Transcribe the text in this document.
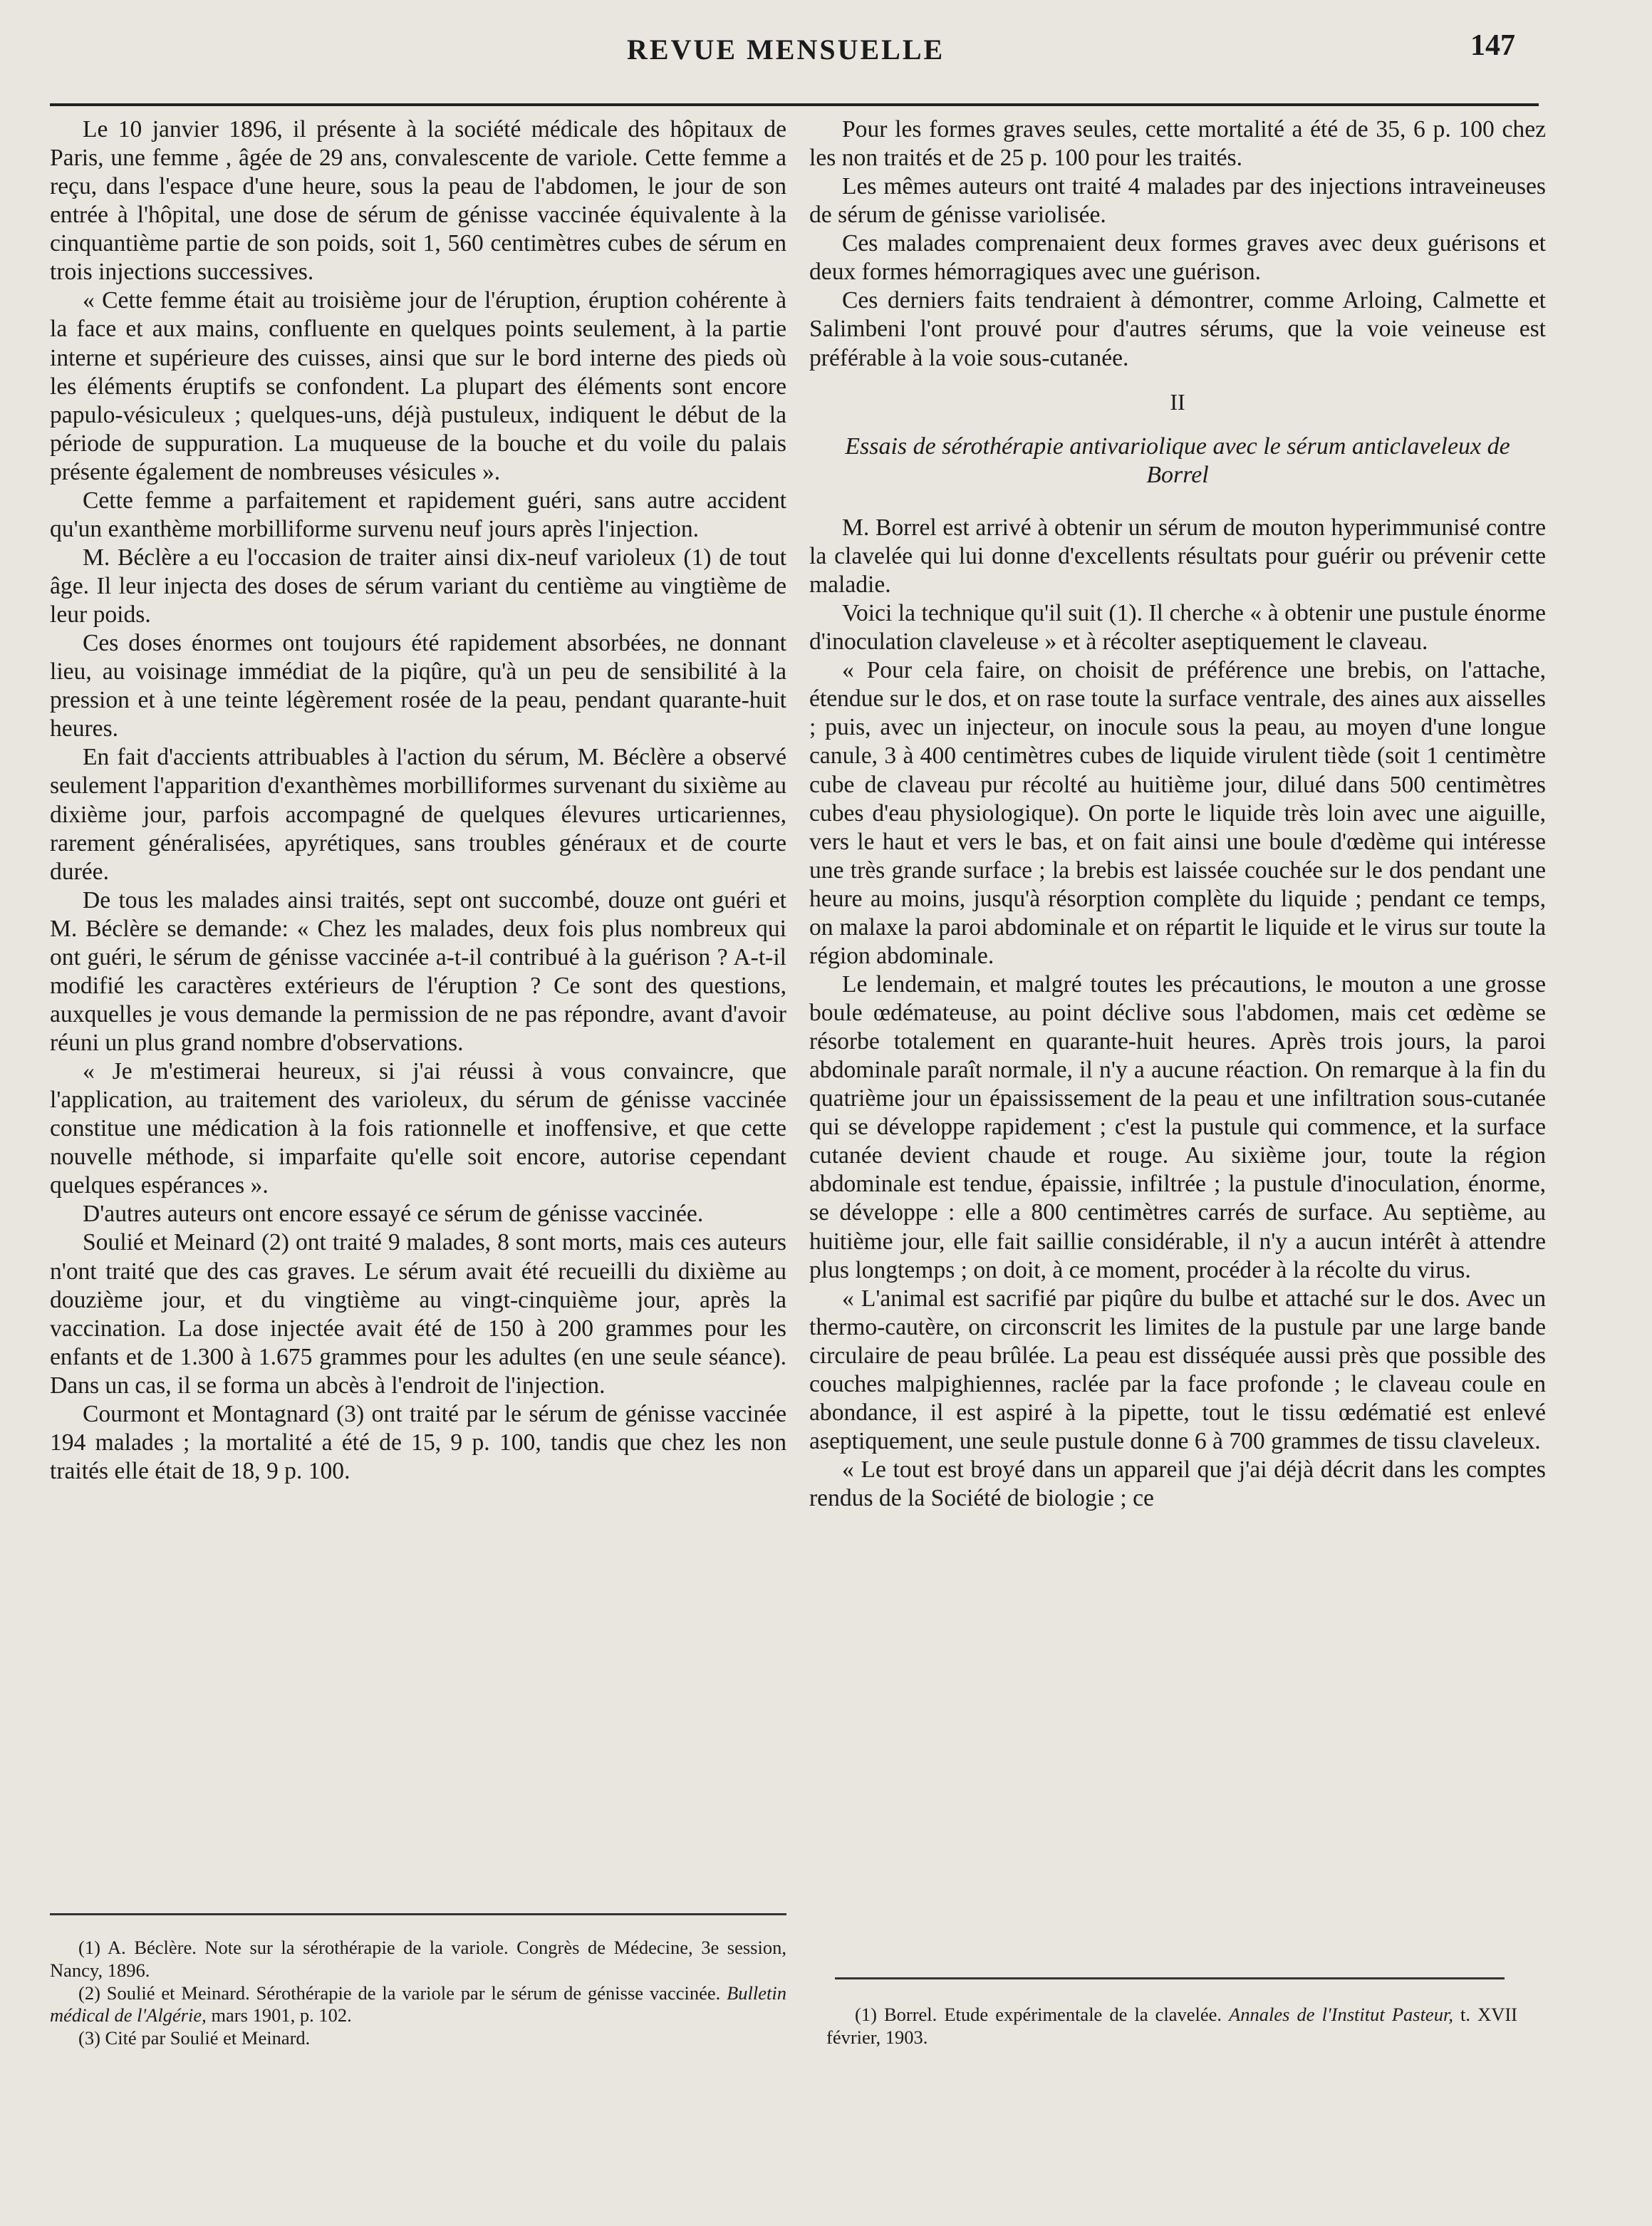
REVUE MENSUELLE	147

Le 10 janvier 1896, il présente à la société médicale des hôpitaux de Paris, une femme , âgée de 29 ans, convalescente de variole. Cette femme a reçu, dans l'espace d'une heure, sous la peau de l'abdomen, le jour de son entrée à l'hôpital, une dose de sérum de génisse vaccinée équivalente à la cinquantième partie de son poids, soit 1, 560 centimètres cubes de sérum en trois injections successives.

« Cette femme était au troisième jour de l'éruption, éruption cohérente à la face et aux mains, confluente en quelques points seulement, à la partie interne et supérieure des cuisses, ainsi que sur le bord interne des pieds où les éléments éruptifs se confondent. La plupart des éléments sont encore papulo-vésiculeux ; quelques-uns, déjà pustuleux, indiquent le début de la période de suppuration. La muqueuse de la bouche et du voile du palais présente également de nombreuses vésicules ».

Cette femme a parfaitement et rapidement guéri, sans autre accident qu'un exanthème morbilliforme survenu neuf jours après l'injection.

M. Béclère a eu l'occasion de traiter ainsi dix-neuf varioleux (1) de tout âge. Il leur injecta des doses de sérum variant du centième au vingtième de leur poids.

Ces doses énormes ont toujours été rapidement absorbées, ne donnant lieu, au voisinage immédiat de la piqûre, qu'à un peu de sensibilité à la pression et à une teinte légèrement rosée de la peau, pendant quarante-huit heures.

En fait d'accients attribuables à l'action du sérum, M. Béclère a observé seulement l'apparition d'exanthèmes morbilliformes survenant du sixième au dixième jour, parfois accompagné de quelques élevures urticariennes, rarement généralisées, apyrétiques, sans troubles généraux et de courte durée.

De tous les malades ainsi traités, sept ont succombé, douze ont guéri et M. Béclère se demande: « Chez les malades, deux fois plus nombreux qui ont guéri, le sérum de génisse vaccinée a-t-il contribué à la guérison ? A-t-il modifié les caractères extérieurs de l'éruption ? Ce sont des questions, auxquelles je vous demande la permission de ne pas répondre, avant d'avoir réuni un plus grand nombre d'observations.

« Je m'estimerai heureux, si j'ai réussi à vous convaincre, que l'application, au traitement des varioleux, du sérum de génisse vaccinée constitue une médication à la fois rationnelle et inoffensive, et que cette nouvelle méthode, si imparfaite qu'elle soit encore, autorise cependant quelques espérances ».

D'autres auteurs ont encore essayé ce sérum de génisse vaccinée.

Soulié et Meinard (2) ont traité 9 malades, 8 sont morts, mais ces auteurs n'ont traité que des cas graves. Le sérum avait été recueilli du dixième au douzième jour, et du vingtième au vingt-cinquième jour, après la vaccination. La dose injectée avait été de 150 à 200 grammes pour les enfants et de 1.300 à 1.675 grammes pour les adultes (en une seule séance). Dans un cas, il se forma un abcès à l'endroit de l'injection.

Courmont et Montagnard (3) ont traité par le sérum de génisse vaccinée 194 malades ; la mortalité a été de 15, 9 p. 100, tandis que chez les non traités elle était de 18, 9 p. 100.

(1) A. Béclère. Note sur la sérothérapie de la variole. Congrès de Médecine, 3e session, Nancy, 1896.

(2) Soulié et Meinard. Sérothérapie de la variole par le sérum de génisse vaccinée. Bulletin médical de l'Algérie, mars 1901, p. 102.

(3) Cité par Soulié et Meinard.

Pour les formes graves seules, cette mortalité a été de 35, 6 p. 100 chez les non traités et de 25 p. 100 pour les traités.

Les mêmes auteurs ont traité 4 malades par des injections intraveineuses de sérum de génisse variolisée.

Ces malades comprenaient deux formes graves avec deux guérisons et deux formes hémorragiques avec une guérison.

Ces derniers faits tendraient à démontrer, comme Arloing, Calmette et Salimbeni l'ont prouvé pour d'autres sérums, que la voie veineuse est préférable à la voie sous-cutanée.

II
Essais de sérothérapie antivariolique avec le sérum anticlaveleux de Borrel

M. Borrel est arrivé à obtenir un sérum de mouton hyperimmunisé contre la clavelée qui lui donne d'excellents résultats pour guérir ou prévenir cette maladie.

Voici la technique qu'il suit (1). Il cherche « à obtenir une pustule énorme d'inoculation claveleuse » et à récolter aseptiquement le claveau.

« Pour cela faire, on choisit de préférence une brebis, on l'attache, étendue sur le dos, et on rase toute la surface ventrale, des aines aux aisselles ; puis, avec un injecteur, on inocule sous la peau, au moyen d'une longue canule, 3 à 400 centimètres cubes de liquide virulent tiède (soit 1 centimètre cube de claveau pur récolté au huitième jour, dilué dans 500 centimètres cubes d'eau physiologique). On porte le liquide très loin avec une aiguille, vers le haut et vers le bas, et on fait ainsi une boule d'œdème qui intéresse une très grande surface ; la brebis est laissée couchée sur le dos pendant une heure au moins, jusqu'à résorption complète du liquide ; pendant ce temps, on malaxe la paroi abdominale et on répartit le liquide et le virus sur toute la région abdominale.

Le lendemain, et malgré toutes les précautions, le mouton a une grosse boule œdémateuse, au point déclive sous l'abdomen, mais cet œdème se résorbe totalement en quarante-huit heures. Après trois jours, la paroi abdominale paraît normale, il n'y a aucune réaction. On remarque à la fin du quatrième jour un épaississement de la peau et une infiltration sous-cutanée qui se développe rapidement ; c'est la pustule qui commence, et la surface cutanée devient chaude et rouge. Au sixième jour, toute la région abdominale est tendue, épaissie, infiltrée ; la pustule d'inoculation, énorme, se développe : elle a 800 centimètres carrés de surface. Au septième, au huitième jour, elle fait saillie considérable, il n'y a aucun intérêt à attendre plus longtemps ; on doit, à ce moment, procéder à la récolte du virus.

« L'animal est sacrifié par piqûre du bulbe et attaché sur le dos. Avec un thermo-cautère, on circonscrit les limites de la pustule par une large bande circulaire de peau brûlée. La peau est disséquée aussi près que possible des couches malpighiennes, raclée par la face profonde ; le claveau coule en abondance, il est aspiré à la pipette, tout le tissu œdématié est enlevé aseptiquement, une seule pustule donne 6 à 700 grammes de tissu claveleux.

« Le tout est broyé dans un appareil que j'ai déjà décrit dans les comptes rendus de la Société de biologie ; ce

(1) Borrel. Etude expérimentale de la clavelée. Annales de l'Institut Pasteur, t. XVII février, 1903.
